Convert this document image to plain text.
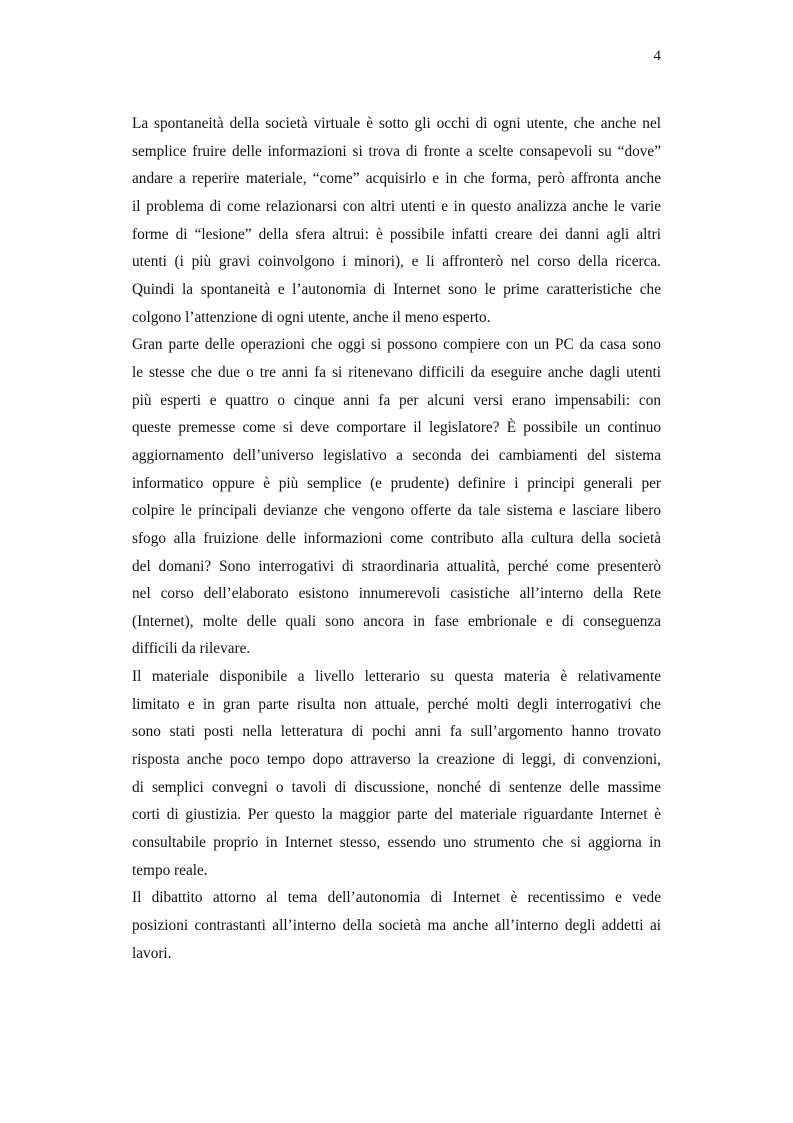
4

La spontaneità della società virtuale è sotto gli occhi di ogni utente, che anche nel
semplice fruire delle informazioni si trova di fronte a scelte consapevoli su “dove”
andare a reperire materiale, “come” acquisirlo e in che forma, però affronta anche
il problema di come relazionarsi con altri utenti e in questo analizza anche le varie
forme di “lesione” della sfera altrui: è possibile infatti creare dei danni agli altri
utenti (i più gravi coinvolgono i minori), e li affronterò nel corso della ricerca.
Quindi la spontaneità e l’autonomia di Internet sono le prime caratteristiche che
colgono l’attenzione di ogni utente, anche il meno esperto.

Gran parte delle operazioni che oggi si possono compiere con un PC da casa sono
le stesse che due o tre anni fa si ritenevano difficili da eseguire anche dagli utenti
più esperti e quattro o cinque anni fa per alcuni versi erano impensabili: con
queste premesse come si deve comportare il legislatore? È possibile un continuo
aggiornamento dell’universo legislativo a seconda dei cambiamenti del sistema
informatico oppure è più semplice (e prudente) definire i principi generali per
colpire le principali devianze che vengono offerte da tale sistema e lasciare libero
sfogo alla fruizione delle informazioni come contributo alla cultura della società
del domani? Sono interrogativi di straordinaria attualità, perché come presenterò
nel corso dell’elaborato esistono innumerevoli casistiche all’interno della Rete
(Internet), molte delle quali sono ancora in fase embrionale e di conseguenza
difficili da rilevare.

Il materiale disponibile a livello letterario su questa materia è relativamente
limitato e in gran parte risulta non attuale, perché molti degli interrogativi che
sono stati posti nella letteratura di pochi anni fa sull’argomento hanno trovato
risposta anche poco tempo dopo attraverso la creazione di leggi, di convenzioni,
di semplici convegni o tavoli di discussione, nonché di sentenze delle massime
corti di giustizia. Per questo la maggior parte del materiale riguardante Internet è
consultabile proprio in Internet stesso, essendo uno strumento che si aggiorna in
tempo reale.

Il dibattito attorno al tema dell’autonomia di Internet è recentissimo e vede
posizioni contrastanti all’interno della società ma anche all’interno degli addetti ai
lavori.
